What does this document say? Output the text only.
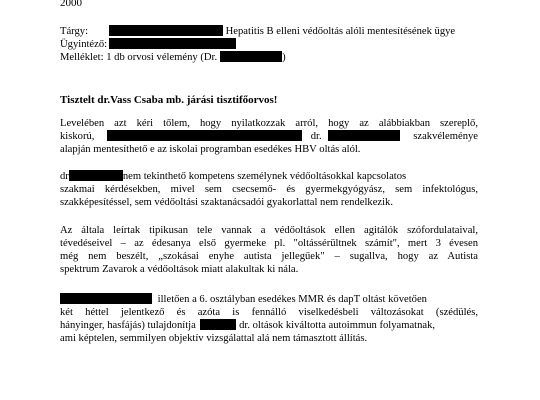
2000
Tárgy:	Hepatitis B elleni védőoltás alóli mentesítésének ügye
Ügyintéző:
Melléklet: 1 db orvosi vélemény (Dr.	)
Tisztelt dr.Vass Csaba mb. járási tisztifőorvos!
Levelében azt kéri tőlem, hogy nyilatkozzak arról, hogy az alábbiakban szereplő,
kiskorú,	dr.	szakvéleménye
alapján mentesíthető e az iskolai programban esedékes HBV oltás alól.
dr	nem tekinthető kompetens személynek védőoltásokkal kapcsolatos
szakmai kérdésekben, mivel sem csecsemő- és gyermekgyógyász, sem infektológus,
szakképesítéssel, sem védőoltási szaktanácsadói gyakorlattal nem rendelkezik.
Az általa leírtak tipikusan tele vannak a védőoltások ellen agitálók szófordulataival,
tévedéseivel – az édesanya első gyermeke pl. "oltássérültnek számít", mert 3 évesen
még nem beszélt, „szokásai enyhe autista jellegűek" – sugallva, hogy az Autista
spektrum Zavarok a védőoltások miatt alakultak ki nála.
illetően a 6. osztályban esedékes MMR és dapT oltást követően
két héttel jelentkező és azóta is fennálló viselkedésbeli változásokat (szédülés,
hányinger, hasfájás) tulajdonítja	dr. oltások kiváltotta autoimmun folyamatnak,
ami képtelen, semmilyen objektív vizsgálattal alá nem támasztott állítás.
